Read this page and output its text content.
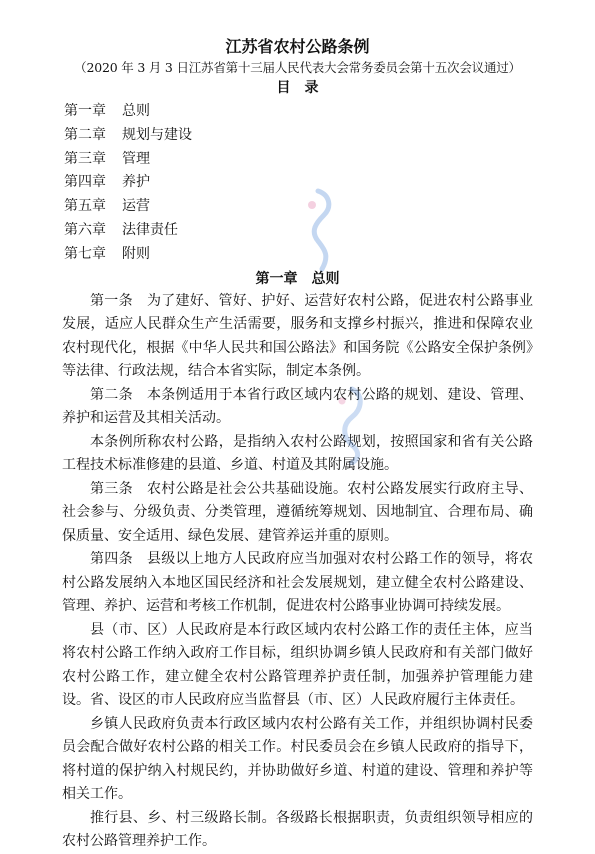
江苏省农村公路条例

（2020 年 3 月 3 日江苏省第十三届人民代表大会常务委员会第十五次会议通过）

目　录
第一章 总则
第二章 规划与建设
第三章 管理
第四章 养护
第五章 运营
第六章 法律责任
第七章 附则
第一章　总则

第一条 为了建好、管好、护好、运营好农村公路，促进农村公路事业发展，适应人民群众生产生活需要，服务和支撑乡村振兴，推进和保障农业农村现代化，根据《中华人民共和国公路法》和国务院《公路安全保护条例》等法律、行政法规，结合本省实际，制定本条例。

第二条 本条例适用于本省行政区域内农村公路的规划、建设、管理、养护和运营及其相关活动。

本条例所称农村公路，是指纳入农村公路规划，按照国家和省有关公路工程技术标准修建的县道、乡道、村道及其附属设施。

第三条 农村公路是社会公共基础设施。农村公路发展实行政府主导、社会参与、分级负责、分类管理，遵循统筹规划、因地制宜、合理布局、确保质量、安全适用、绿色发展、建管养运并重的原则。

第四条 县级以上地方人民政府应当加强对农村公路工作的领导，将农村公路发展纳入本地区国民经济和社会发展规划，建立健全农村公路建设、管理、养护、运营和考核工作机制，促进农村公路事业协调可持续发展。

县（市、区）人民政府是本行政区域内农村公路工作的责任主体，应当将农村公路工作纳入政府工作目标，组织协调乡镇人民政府和有关部门做好农村公路工作，建立健全农村公路管理养护责任制，加强养护管理能力建设。省、设区的市人民政府应当监督县（市、区）人民政府履行主体责任。

乡镇人民政府负责本行政区域内农村公路有关工作，并组织协调村民委员会配合做好农村公路的相关工作。村民委员会在乡镇人民政府的指导下，将村道的保护纳入村规民约，并协助做好乡道、村道的建设、管理和养护等相关工作。

推行县、乡、村三级路长制。各级路长根据职责，负责组织领导相应的农村公路管理养护工作。
